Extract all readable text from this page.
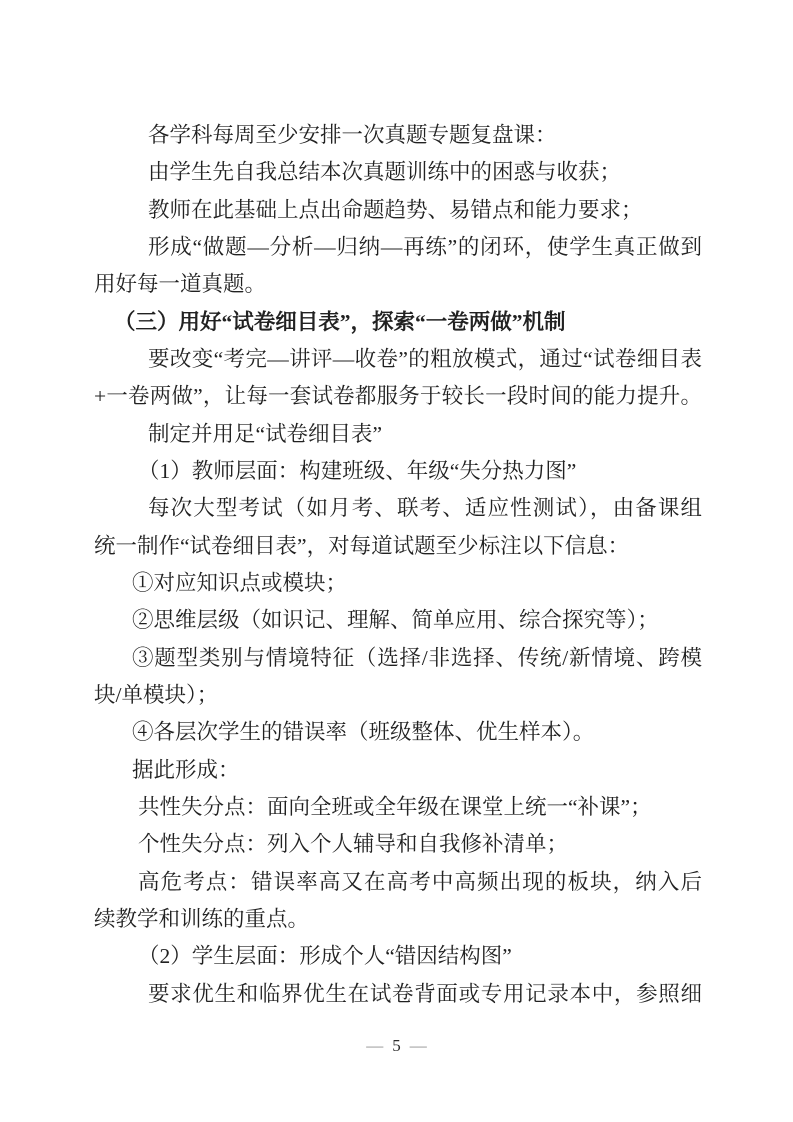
各学科每周至少安排一次真题专题复盘课：
由学生先自我总结本次真题训练中的困惑与收获；
教师在此基础上点出命题趋势、易错点和能力要求；
形成“做题—分析—归纳—再练”的闭环，使学生真正做到
用好每一道真题。
（三）用好“试卷细目表”，探索“一卷两做”机制
要改变“考完—讲评—收卷”的粗放模式，通过“试卷细目表
+一卷两做”，让每一套试卷都服务于较长一段时间的能力提升。
制定并用足“试卷细目表”
（1）教师层面：构建班级、年级“失分热力图”
每次大型考试（如月考、联考、适应性测试），由备课组
统一制作“试卷细目表”，对每道试题至少标注以下信息：
①对应知识点或模块；
②思维层级（如识记、理解、简单应用、综合探究等）；
③题型类别与情境特征（选择/非选择、传统/新情境、跨模
块/单模块）；
④各层次学生的错误率（班级整体、优生样本）。
据此形成：
共性失分点：面向全班或全年级在课堂上统一“补课”；
个性失分点：列入个人辅导和自我修补清单；
高危考点：错误率高又在高考中高频出现的板块，纳入后
续教学和训练的重点。
（2）学生层面：形成个人“错因结构图”
要求优生和临界优生在试卷背面或专用记录本中，参照细
— 5 —
